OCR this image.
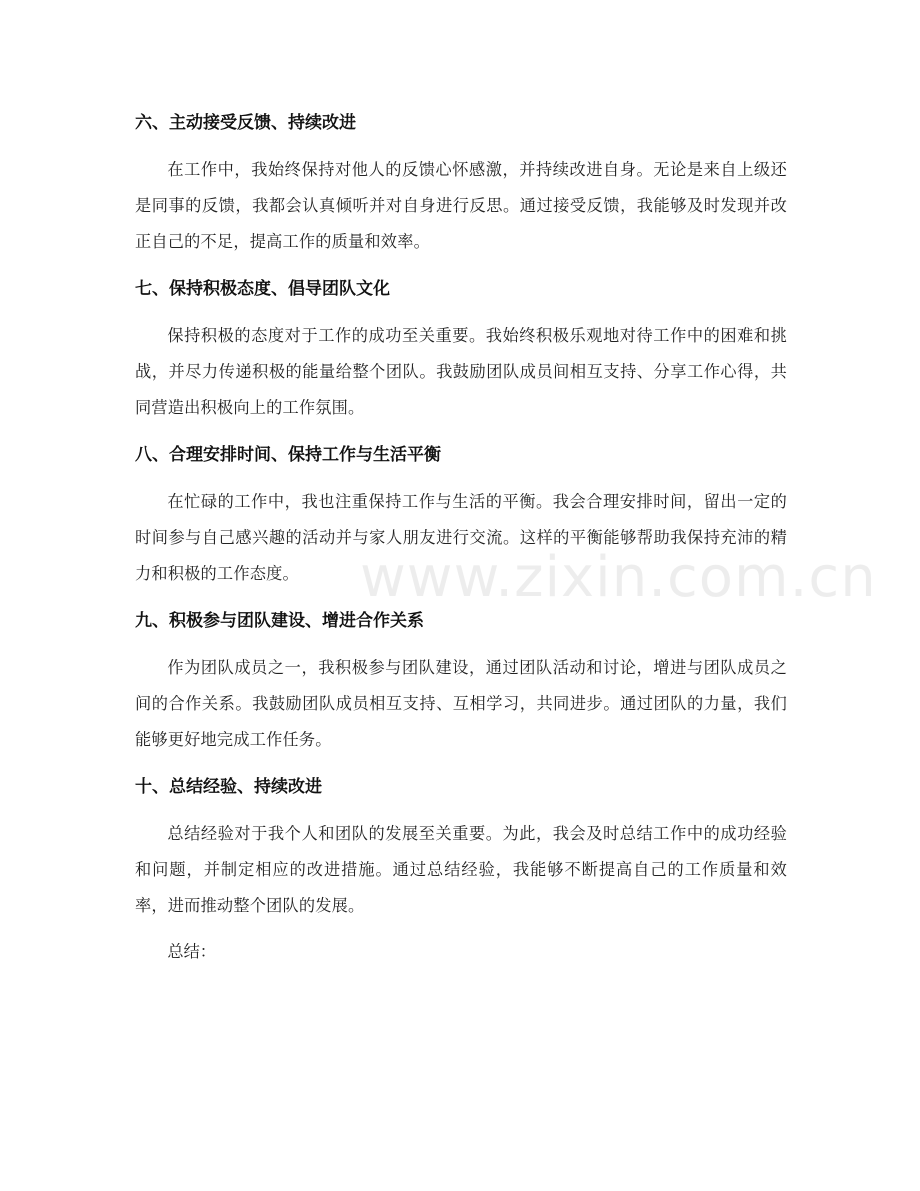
www.zixin.com.cn
六、主动接受反馈、持续改进

在工作中，我始终保持对他人的反馈心怀感激，并持续改进自身。无论是来自上级还是同事的反馈，我都会认真倾听并对自身进行反思。通过接受反馈，我能够及时发现并改正自己的不足，提高工作的质量和效率。

七、保持积极态度、倡导团队文化

保持积极的态度对于工作的成功至关重要。我始终积极乐观地对待工作中的困难和挑战，并尽力传递积极的能量给整个团队。我鼓励团队成员间相互支持、分享工作心得，共同营造出积极向上的工作氛围。

八、合理安排时间、保持工作与生活平衡

在忙碌的工作中，我也注重保持工作与生活的平衡。我会合理安排时间，留出一定的时间参与自己感兴趣的活动并与家人朋友进行交流。这样的平衡能够帮助我保持充沛的精力和积极的工作态度。

九、积极参与团队建设、增进合作关系

作为团队成员之一，我积极参与团队建设，通过团队活动和讨论，增进与团队成员之间的合作关系。我鼓励团队成员相互支持、互相学习，共同进步。通过团队的力量，我们能够更好地完成工作任务。

十、总结经验、持续改进

总结经验对于我个人和团队的发展至关重要。为此，我会及时总结工作中的成功经验和问题，并制定相应的改进措施。通过总结经验，我能够不断提高自己的工作质量和效率，进而推动整个团队的发展。

总结：
